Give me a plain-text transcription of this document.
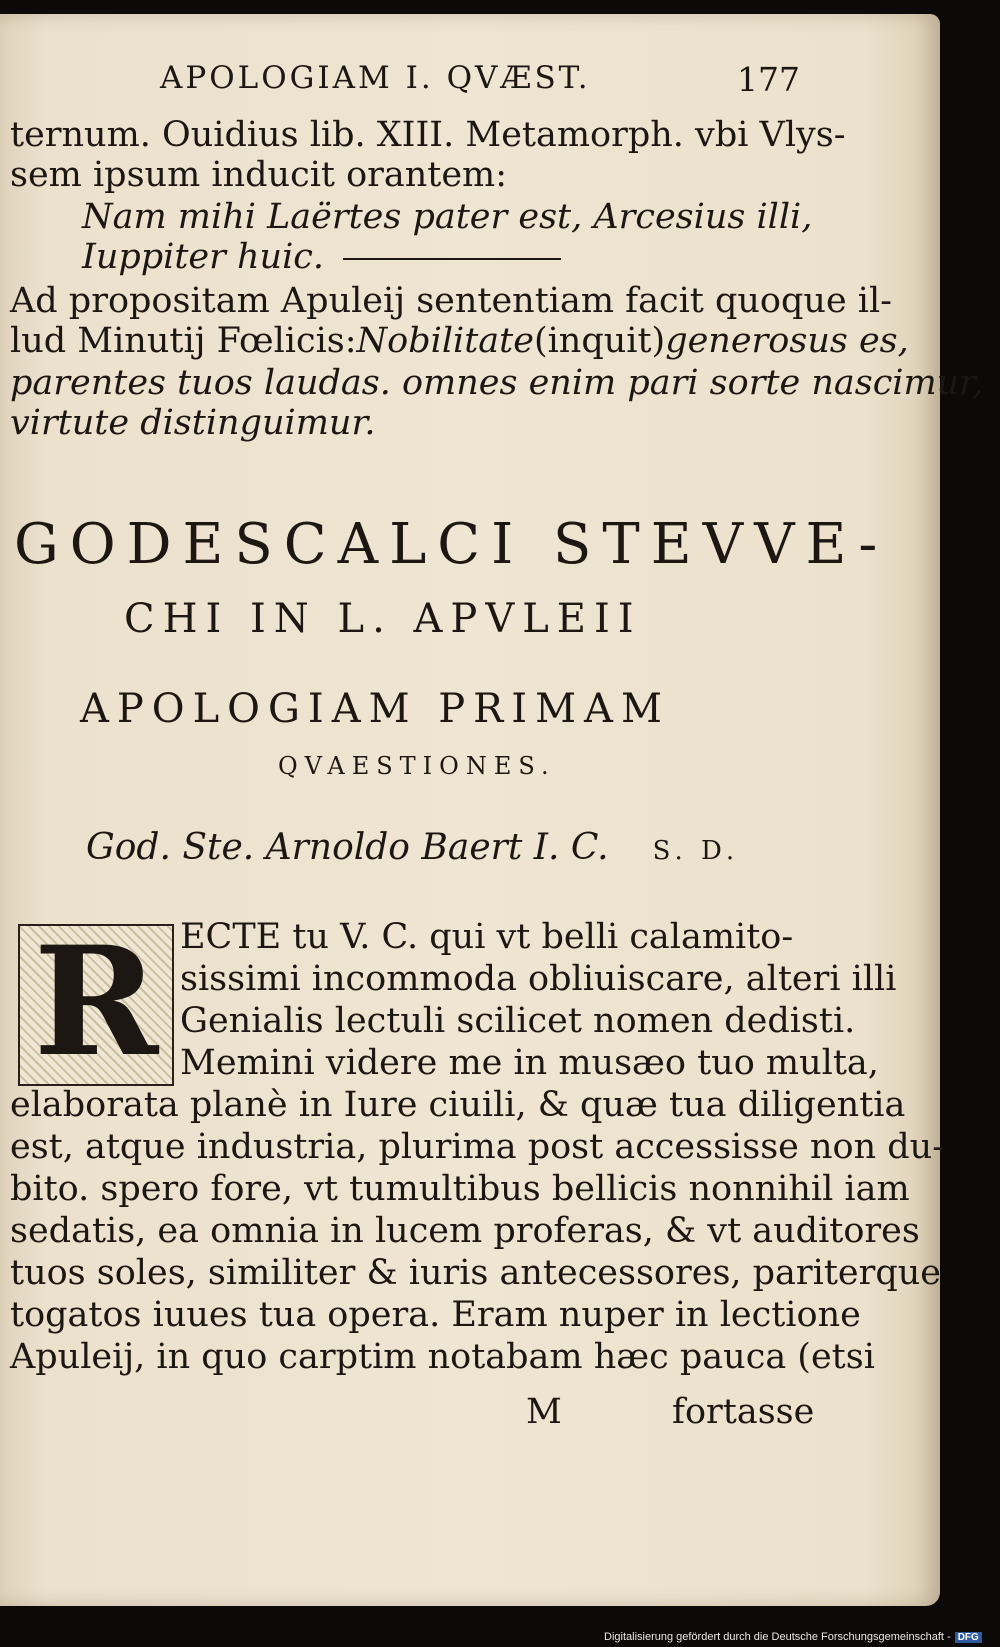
APOLOGIAM I. QVÆST.	177
ternum. Ouidius lib. XIII. Metamorph. vbi Vlys-
sem ipsum inducit orantem:
Nam mihi Laërtes pater est, Arcesius illi,
Iuppiter huic.
Ad propositam Apuleij sententiam facit quoque il-
lud Minutij Fœlicis:Nobilitate(inquit)generosus es,
parentes tuos laudas. omnes enim pari sorte nascimur,
virtute distinguimur.
GODESCALCI STEVVE-
CHI IN L. APVLEII
APOLOGIAM PRIMAM
QVAESTIONES.
God. Ste. Arnoldo Baert I. C. S. D.
R ECTE tu V. C. qui vt belli calamito-
sissimi incommoda obliuiscare, alteri illi
Genialis lectuli scilicet nomen dedisti.
Memini videre me in musæo tuo multa,
elaborata planè in Iure ciuili, & quæ tua diligentia
est, atque industria, plurima post accessisse non du-
bito. spero fore, vt tumultibus bellicis nonnihil iam
sedatis, ea omnia in lucem proferas, & vt auditores
tuos soles, similiter & iuris antecessores, pariterque
togatos iuues tua opera. Eram nuper in lectione
Apuleij, in quo carptim notabam hæc pauca (etsi
M	fortasse
Digitalisierung gefördert durch die Deutsche Forschungsgemeinschaft - DFG
